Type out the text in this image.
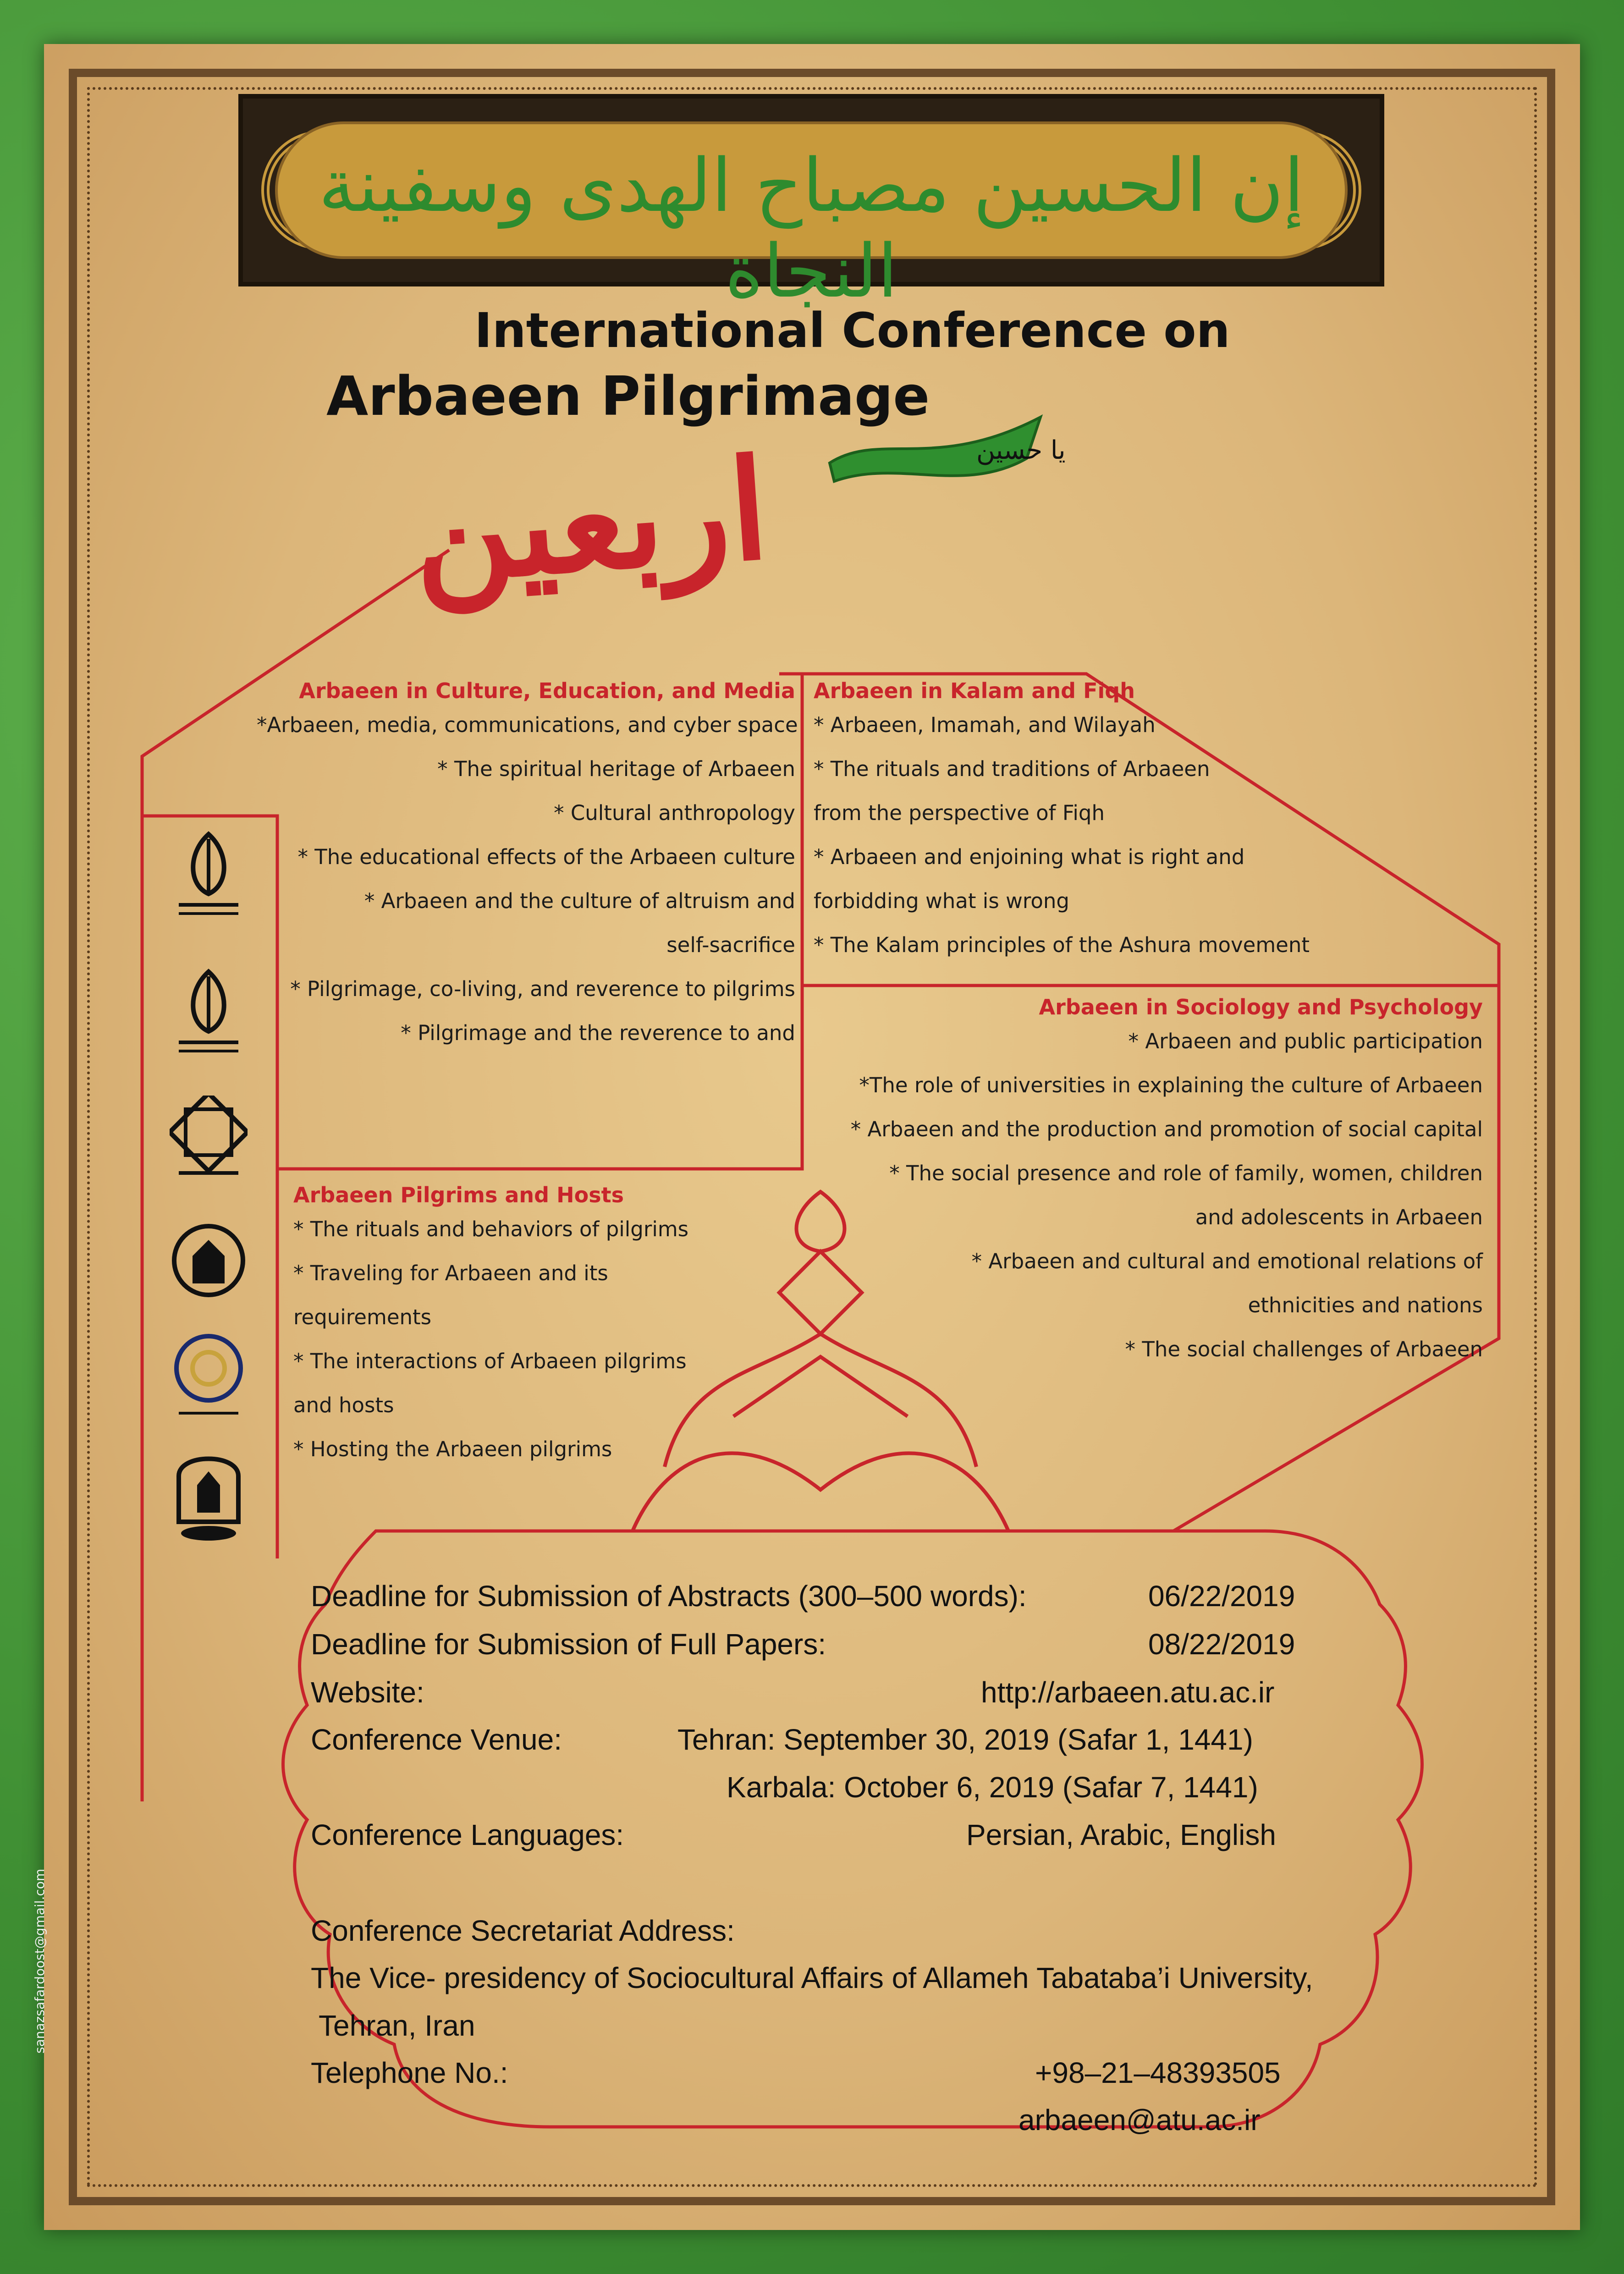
إن الحسين مصباح الهدى وسفينة النجاة
International Conference on
Arbaeen Pilgrimage
یا حسین
اربعین
Arbaeen in Culture, Education, and Media
*Arbaeen, media, communications, and cyber space
* The spiritual heritage of Arbaeen
* Cultural anthropology
* The educational effects of the Arbaeen culture
* Arbaeen and the culture of altruism and
self-sacrifice
* Pilgrimage, co-living, and reverence to pilgrims
* Pilgrimage and the reverence to and
Arbaeen in Kalam and Fiqh
* Arbaeen, Imamah, and Wilayah
* The rituals and traditions of Arbaeen
from the perspective of Fiqh
* Arbaeen and enjoining what is right and
forbidding what is wrong
* The Kalam principles of the Ashura movement
Arbaeen in Sociology and Psychology
* Arbaeen and public participation
*The role of universities in explaining the culture of Arbaeen
* Arbaeen and the production and promotion of social capital
* The social presence and role of family, women, children
and adolescents in Arbaeen
* Arbaeen and cultural and emotional relations of
ethnicities and nations
* The social challenges of Arbaeen
Arbaeen Pilgrims and Hosts
* The rituals and behaviors of pilgrims
* Traveling for Arbaeen and its
requirements
* The interactions of Arbaeen pilgrims
and hosts
* Hosting the Arbaeen pilgrims
Deadline for Submission of Abstracts (300–500 words):	06/22/2019
Deadline for Submission of Full Papers:	08/22/2019
Website:	http://arbaeen.atu.ac.ir
Conference Venue:	Tehran: September 30, 2019 (Safar 1, 1441)
Karbala: October 6, 2019 (Safar 7, 1441)
Conference Languages:	Persian, Arabic, English
Conference Secretariat Address:
The Vice- presidency of Sociocultural Affairs of Allameh Tabataba’i University,
Tehran, Iran
Telephone No.:	+98–21–48393505
arbaeen@atu.ac.ir
sanazsafardoost@gmail.com
